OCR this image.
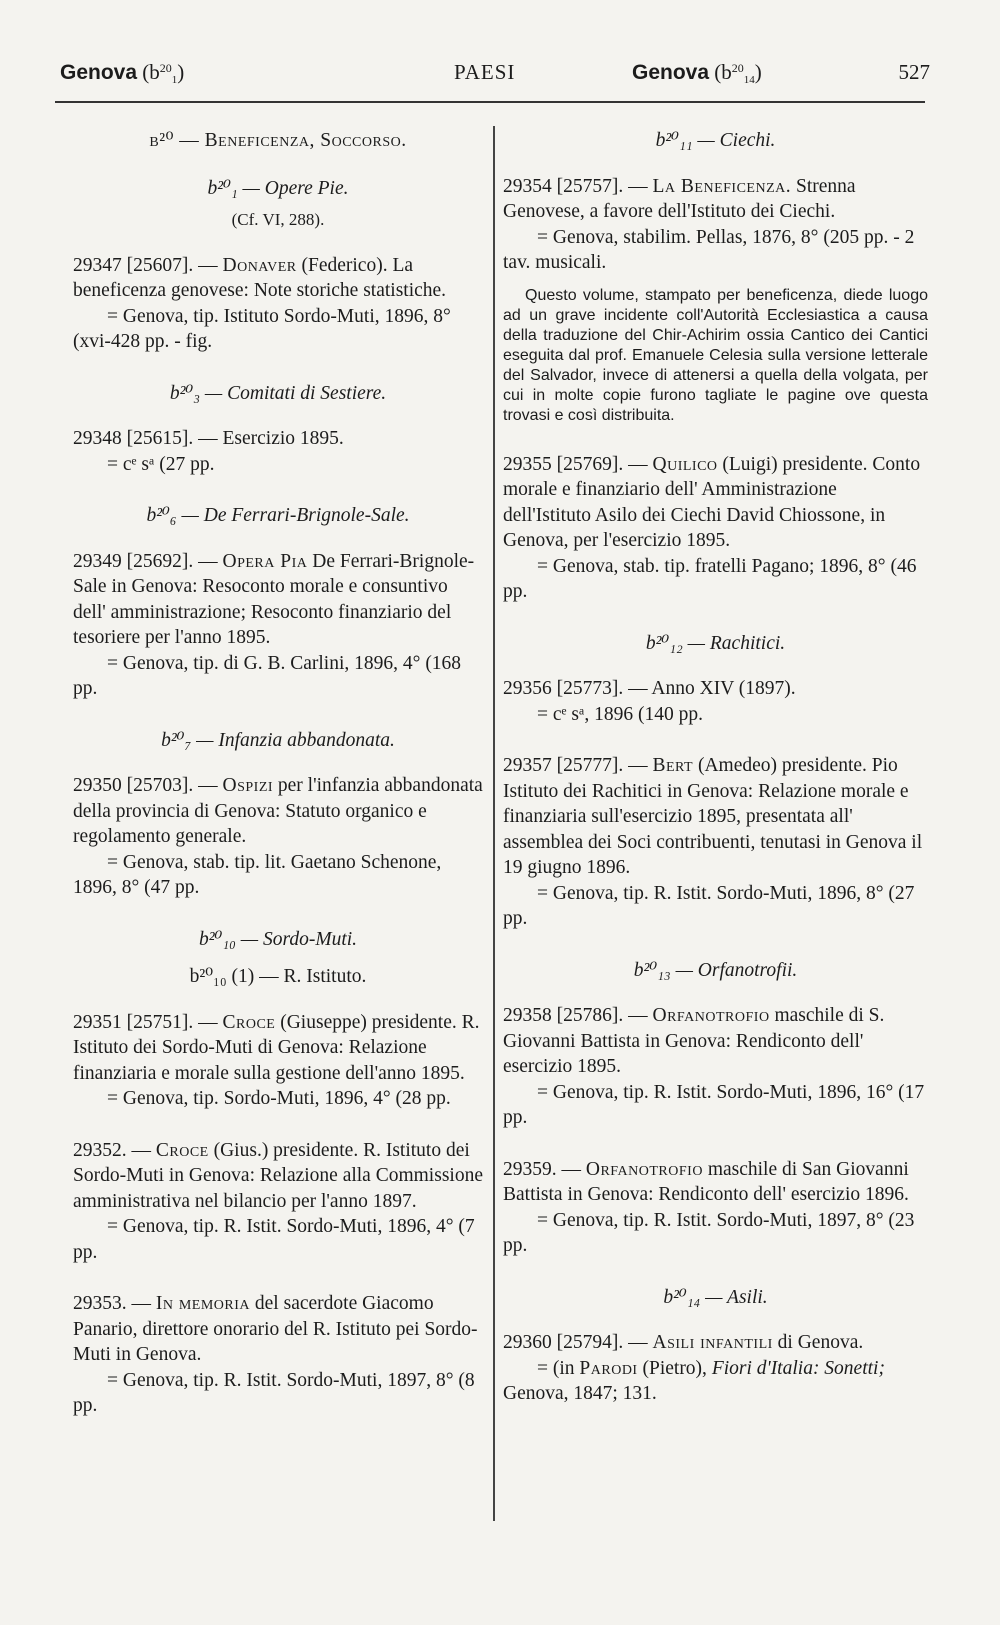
Genova $(b^{20}_1)$	PAESI	Genova $(b^{20}_{14})$	527

b²⁰ — Beneficenza, Soccorso.

b²⁰₁ — Opere Pie.

(Cf. VI, 288).

29347 [25607]. — Donaver (Federico). La beneficenza genovese: Note storiche statistiche.
= Genova, tip. Istituto Sordo-Muti, 1896, 8° (xvi-428 pp. - fig.

b²⁰₃ — Comitati di Sestiere.

29348 [25615]. — Esercizio 1895.
= cᵉ sᵃ (27 pp.

b²⁰₆ — De Ferrari-Brignole-Sale.

29349 [25692]. — Opera Pia De Ferrari-Brignole-Sale in Genova: Resoconto morale e consuntivo dell' amministrazione; Resoconto finanziario del tesoriere per l'anno 1895.
= Genova, tip. di G. B. Carlini, 1896, 4° (168 pp.

b²⁰₇ — Infanzia abbandonata.

29350 [25703]. — Ospizi per l'infanzia abbandonata della provincia di Genova: Statuto organico e regolamento generale.
= Genova, stab. tip. lit. Gaetano Schenone, 1896, 8° (47 pp.

b²⁰₁₀ — Sordo-Muti.

b²⁰₁₀ (1) — R. Istituto.

29351 [25751]. — Croce (Giuseppe) presidente. R. Istituto dei Sordo-Muti di Genova: Relazione finanziaria e morale sulla gestione dell'anno 1895.
= Genova, tip. Sordo-Muti, 1896, 4° (28 pp.

29352. — Croce (Gius.) presidente. R. Istituto dei Sordo-Muti in Genova: Relazione alla Commissione amministrativa nel bilancio per l'anno 1897.
= Genova, tip. R. Istit. Sordo-Muti, 1896, 4° (7 pp.

29353. — In memoria del sacerdote Giacomo Panario, direttore onorario del R. Istituto pei Sordo-Muti in Genova.
= Genova, tip. R. Istit. Sordo-Muti, 1897, 8° (8 pp.

b²⁰₁₁ — Ciechi.

29354 [25757]. — La Beneficenza. Strenna Genovese, a favore dell'Istituto dei Ciechi.
= Genova, stabilim. Pellas, 1876, 8° (205 pp. - 2 tav. musicali.

Questo volume, stampato per beneficenza, diede luogo ad un grave incidente coll'Autorità Ecclesiastica a causa della traduzione del Chir-Achirim ossia Cantico dei Cantici eseguita dal prof. Emanuele Celesia sulla versione letterale del Salvador, invece di attenersi a quella della volgata, per cui in molte copie furono tagliate le pagine ove questa trovasi e così distribuita.

29355 [25769]. — Quilico (Luigi) presidente. Conto morale e finanziario dell' Amministrazione dell'Istituto Asilo dei Ciechi David Chiossone, in Genova, per l'esercizio 1895.
= Genova, stab. tip. fratelli Pagano; 1896, 8° (46 pp.

b²⁰₁₂ — Rachitici.

29356 [25773]. — Anno XIV (1897).
= cᵉ sᵃ, 1896 (140 pp.

29357 [25777]. — Bert (Amedeo) presidente. Pio Istituto dei Rachitici in Genova: Relazione morale e finanziaria sull'esercizio 1895, presentata all' assemblea dei Soci contribuenti, tenutasi in Genova il 19 giugno 1896.
= Genova, tip. R. Istit. Sordo-Muti, 1896, 8° (27 pp.

b²⁰₁₃ — Orfanotrofii.

29358 [25786]. — Orfanotrofio maschile di S. Giovanni Battista in Genova: Rendiconto dell' esercizio 1895.
= Genova, tip. R. Istit. Sordo-Muti, 1896, 16° (17 pp.

29359. — Orfanotrofio maschile di San Giovanni Battista in Genova: Rendiconto dell' esercizio 1896.
= Genova, tip. R. Istit. Sordo-Muti, 1897, 8° (23 pp.

b²⁰₁₄ — Asili.

29360 [25794]. — Asili infantili di Genova.
= (in Parodi (Pietro), Fiori d'Italia: Sonetti; Genova, 1847; 131.
